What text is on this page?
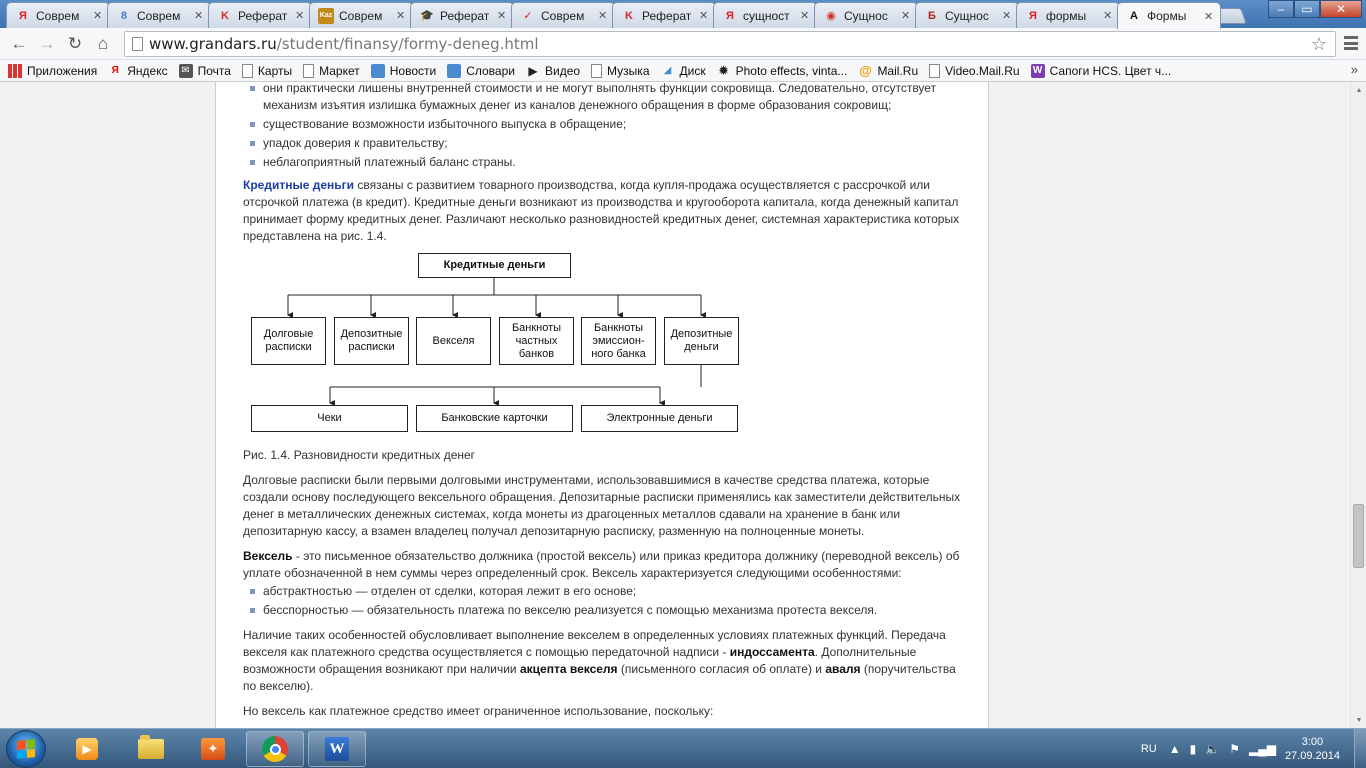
Я Соврем	✕	8 Соврем	✕	K Реферат ✕ Kaz Соврем	✕ 🎓 Реферат ✕	✓ Соврем	✕	K Реферат ✕	Я сущност ✕ ◉ Сущнос	✕	Б Сущнос	✕	Я формы	✕	A Формы	✕
–	▭	✕
← → ↻ ⌂	www.grandars.ru /student/finansy/formy-deneg.html	☆
Приложения	Я Яндекс ✉ Почта Карты Маркет	Новости	Словари ▶ Видео Музыка	◢ Диск ✹ Photo effects, vinta... @ Mail.Ru Video.Mail.Ru W Сапоги HCS. Цвет ч...	»
они практически лишены внутренней стоимости и не могут выполнять функции сокровища. Следовательно, отсутствует механизм изъятия излишка бумажных денег из каналов денежного обращения в форме образования сокровищ;
существование возможности избыточного выпуска в обращение;
упадок доверия к правительству;
неблагоприятный платежный баланс страны.

Кредитные деньги связаны с развитием товарного производства, когда купля-продажа осуществляется с рассрочкой или отсрочкой платежа (в кредит). Кредитные деньги возникают из производства и кругооборота капитала, когда денежный капитал принимает форму кредитных денег. Различают несколько разновидностей кредитных денег, системная характеристика которых представлена на рис. 1.4.

Кредитные деньги
Долговые расписки
Депозитные расписки
Векселя
Банкноты частных банков
Банкноты эмиссион-ного банка
Депозитные деньги
Чеки	Банковские карточки	Электронные деньги

Рис. 1.4. Разновидности кредитных денег

Долговые расписки были первыми долговыми инструментами, использовавшимися в качестве средства платежа, которые создали основу последующего вексельного обращения. Депозитарные расписки применялись как заместители действительных денег в металлических денежных системах, когда монеты из драгоценных металлов сдавали на хранение в банк или депозитарную кассу, а взамен владелец получал депозитарную расписку, разменную на полноценные монеты.

Вексель - это письменное обязательство должника (простой вексель) или приказ кредитора должнику (переводной вексель) об уплате обозначенной в нем суммы через определенный срок. Вексель характеризуется следующими особенностями:

абстрактностью — отделен от сделки, которая лежит в его основе;
бесспорностью — обязательность платежа по векселю реализуется с помощью механизма протеста векселя.

Наличие таких особенностей обусловливает выполнение векселем в определенных условиях платежных функций. Передача векселя как платежного средства осуществляется с помощью передаточной надписи - индоссамента. Дополнительные возможности обращения возникают при наличии акцепта векселя (письменного согласия об оплате) и аваля (поручительства по векселю).

Но вексель как платежное средство имеет ограниченное использование, поскольку:

▲
▼
▶	✦	W	RU ▲ ▮ 🔈 ⚑ ▂▄▆	3:00
27.09.2014
